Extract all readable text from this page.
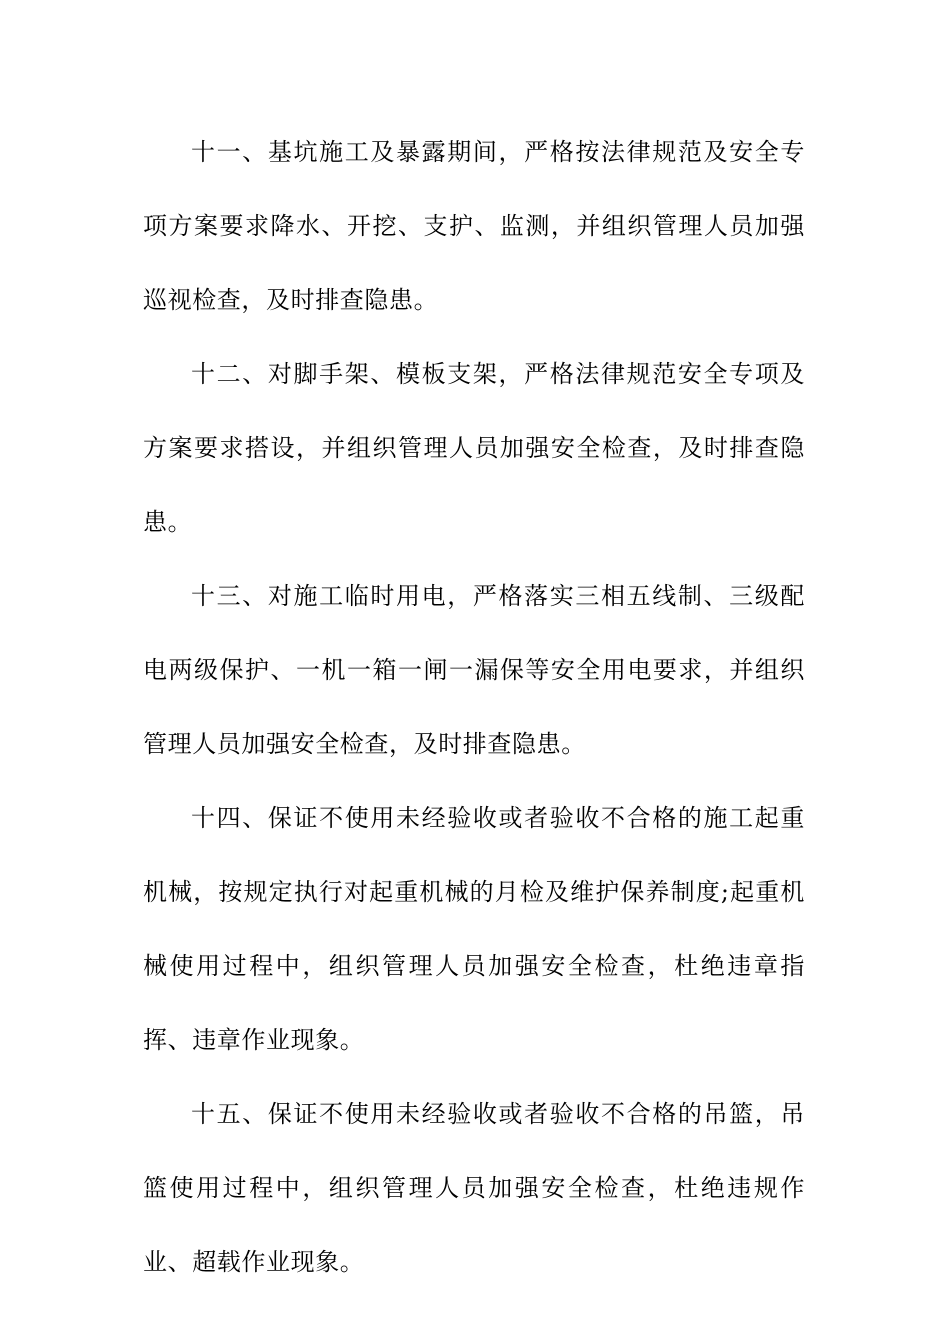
十一、基坑施工及暴露期间，严格按法律规范及安全专项方案要求降水、开挖、支护、监测，并组织管理人员加强巡视检查，及时排查隐患。

十二、对脚手架、模板支架，严格法律规范安全专项及方案要求搭设，并组织管理人员加强安全检查，及时排查隐患。

十三、对施工临时用电，严格落实三相五线制、三级配电两级保护、一机一箱一闸一漏保等安全用电要求，并组织管理人员加强安全检查，及时排查隐患。

十四、保证不使用未经验收或者验收不合格的施工起重机械，按规定执行对起重机械的月检及维护保养制度;起重机械使用过程中，组织管理人员加强安全检查，杜绝违章指挥、违章作业现象。

十五、保证不使用未经验收或者验收不合格的吊篮，吊篮使用过程中，组织管理人员加强安全检查，杜绝违规作业、超载作业现象。
